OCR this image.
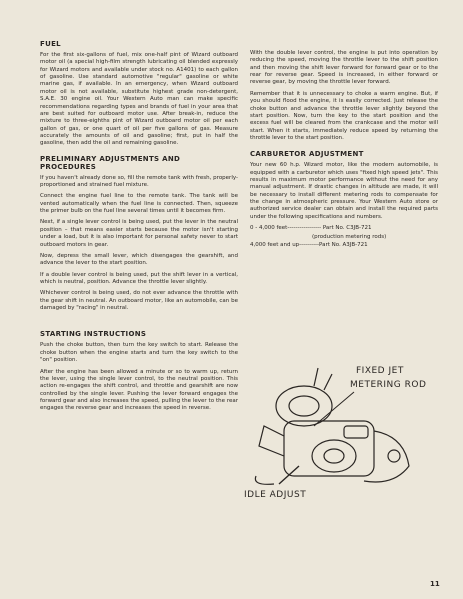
FUEL

For the first six-gallons of fuel, mix one-half pint of Wizard outboard motor oil (a special high-film strength lubricating oil blended expressly for Wizard motors and available under stock no. A1401) to each gallon of gasoline. Use standard automotive "regular" gasoline or white marine gas, if available. In an emergency, when Wizard outboard motor oil is not available, substitute highest grade non-detergent, S.A.E. 30 engine oil. Your Western Auto man can make specific recommendations regarding types and brands of fuel in your area that are best suited for outboard motor use. After break-in, reduce the mixture to three-eighths pint of Wizard outboard motor oil per each gallon of gas, or one quart of oil per five gallons of gas. Measure accurately the amounts of oil and gasoline; first, put in half the gasoline, then add the oil and remaining gasoline.

PRELIMINARY ADJUSTMENTS AND PROCEDURES

If you haven't already done so, fill the remote tank with fresh, properly-proportioned and strained fuel mixture.

Connect the engine fuel line to the remote tank. The tank will be vented automatically when the fuel line is connected. Then, squeeze the primer bulb on the fuel line several times until it becomes firm.

Next, if a single lever control is being used, put the lever in the neutral position – that means easier starts because the motor isn't starting under a load, but it is also important for personal safety never to start outboard motors in gear.

Now, depress the small lever, which disengages the gearshift, and advance the lever to the start position.

If a double lever control is being used, put the shift lever in a vertical, which is neutral, position. Advance the throttle lever slightly.

Whichever control is being used, do not ever advance the throttle with the gear shift in neutral. An outboard motor, like an automobile, can be damaged by "racing" in neutral.

STARTING INSTRUCTIONS

Push the choke button, then turn the key switch to start. Release the choke button when the engine starts and turn the key switch to the "on" position.

After the engine has been allowed a minute or so to warm up, return the lever, using the single lever control, to the neutral position. This action re-engages the shift control, and throttle and gearshift are now controlled by the single lever. Pushing the lever forward engages the forward gear and also increases the speed, pulling the lever to the rear engages the reverse gear and increases the speed in reverse.

With the double lever control, the engine is put into operation by reducing the speed, moving the throttle lever to the shift position and then moving the shift lever forward for forward gear or to the rear for reverse gear. Speed is increased, in either forward or reverse gear, by moving the throttle lever forward.

Remember that it is unnecessary to choke a warm engine. But, if you should flood the engine, it is easily corrected. Just release the choke button and advance the throttle lever slightly beyond the start position. Now, turn the key to the start position and the excess fuel will be cleared from the crankcase and the motor will start. When it starts, immediately reduce speed by returning the throttle lever to the start position.

CARBURETOR ADJUSTMENT

Your new 60 h.p. Wizard motor, like the modern automobile, is equipped with a carburetor which uses "fixed high speed jets". This results in maximum motor performance without the need for any manual adjustment. If drastic changes in altitude are made, it will be necessary to install different metering rods to compensate for the change in atmospheric pressure. Your Western Auto store or authorized service dealer can obtain and install the required parts under the following specifications and numbers.

0 - 4,000 feet----------------- Part No. C3JB-721

(production metering rods)

4,000 feet and up----------Part No. A3JB-721

FIXED JET
METERING ROD
IDLE ADJUST
11
